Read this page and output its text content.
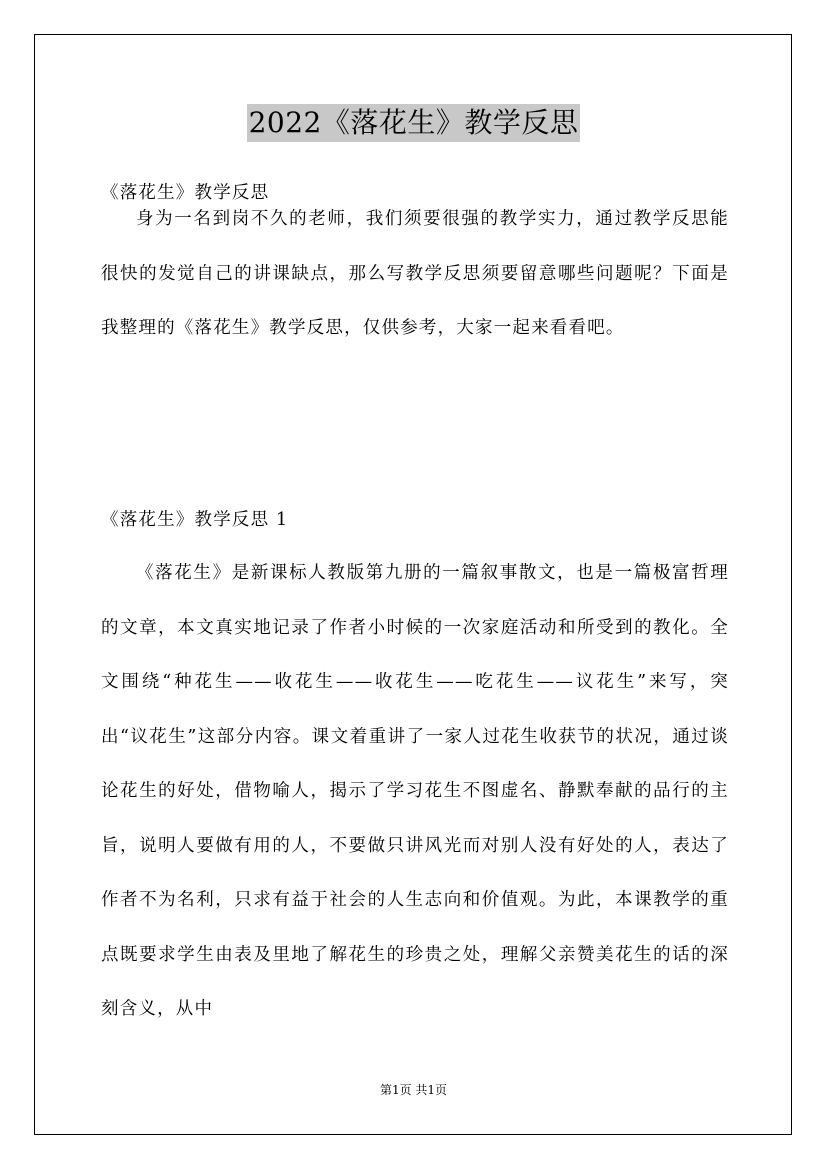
2022《落花生》教学反思
《落花生》教学反思
身为一名到岗不久的老师，我们须要很强的教学实力，通过教学反思能很快的发觉自己的讲课缺点，那么写教学反思须要留意哪些问题呢？下面是我整理的《落花生》教学反思，仅供参考，大家一起来看看吧。
《落花生》教学反思 1
《落花生》是新课标人教版第九册的一篇叙事散文，也是一篇极富哲理的文章，本文真实地记录了作者小时候的一次家庭活动和所受到的教化。全文围绕“种花生——收花生——收花生——吃花生——议花生”来写，突出“议花生”这部分内容。课文着重讲了一家人过花生收获节的状况，通过谈论花生的好处，借物喻人，揭示了学习花生不图虚名、静默奉献的品行的主旨，说明人要做有用的人，不要做只讲风光而对别人没有好处的人，表达了作者不为名利，只求有益于社会的人生志向和价值观。为此，本课教学的重点既要求学生由表及里地了解花生的珍贵之处，理解父亲赞美花生的话的深刻含义，从中
第1页 共1页
